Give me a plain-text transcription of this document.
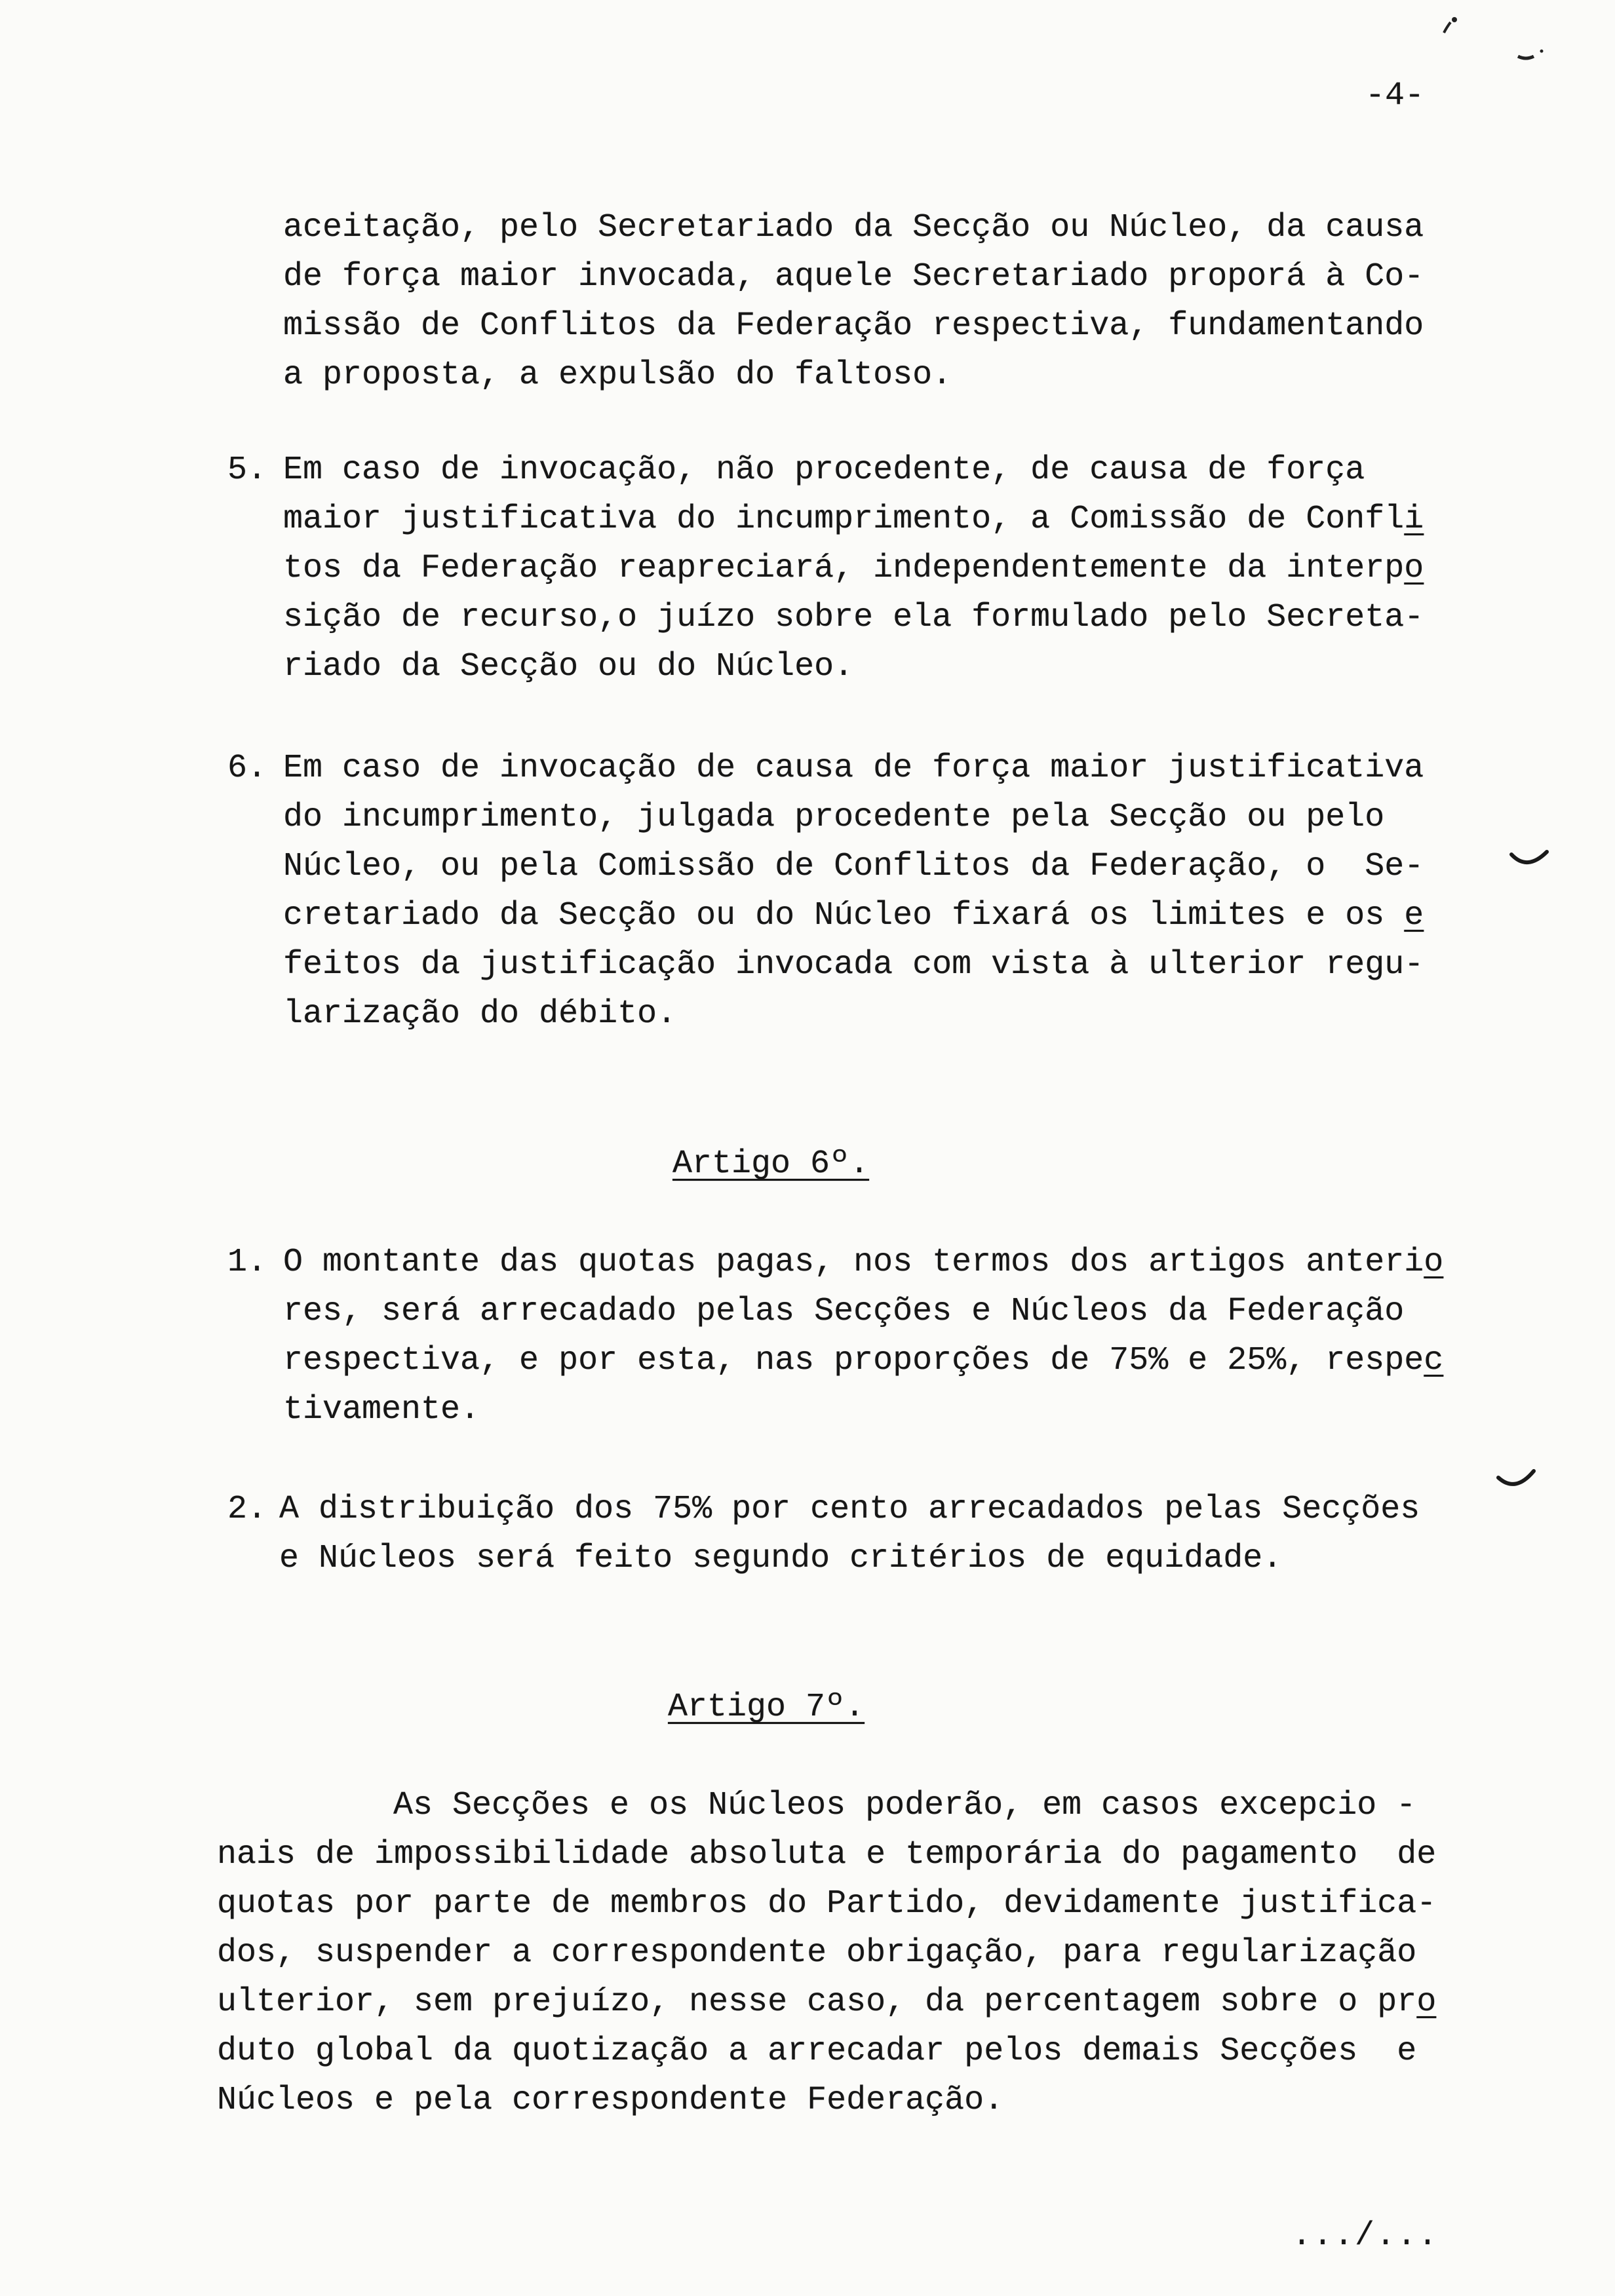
-4-
aceitação, pelo Secretariado da Secção ou Núcleo, da causa
de força maior invocada, aquele Secretariado proporá à Co-
missão de Conflitos da Federação respectiva, fundamentando
a proposta, a expulsão do faltoso.
5. Em caso de invocação, não procedente, de causa de força
maior justificativa do incumprimento, a Comissão de Confli
tos da Federação reapreciará, independentemente da interpo
sição de recurso,o juízo sobre ela formulado pelo Secreta-
riado da Secção ou do Núcleo.
6. Em caso de invocação de causa de força maior justificativa
do incumprimento, julgada procedente pela Secção ou pelo
Núcleo, ou pela Comissão de Conflitos da Federação, o  Se-
cretariado da Secção ou do Núcleo fixará os limites e os e
feitos da justificação invocada com vista à ulterior regu-
larização do débito.
Artigo 6º.
1. O montante das quotas pagas, nos termos dos artigos anterio
res, será arrecadado pelas Secções e Núcleos da Federação
respectiva, e por esta, nas proporções de 75% e 25%, respec
tivamente.
2. A distribuição dos 75% por cento arrecadados pelas Secções
e Núcleos será feito segundo critérios de equidade.
Artigo 7º.
As Secções e os Núcleos poderão, em casos excepcio -
nais de impossibilidade absoluta e temporária do pagamento  de
quotas por parte de membros do Partido, devidamente justifica-
dos, suspender a correspondente obrigação, para regularização
ulterior, sem prejuízo, nesse caso, da percentagem sobre o pro
duto global da quotização a arrecadar pelos demais Secções  e
Núcleos e pela correspondente Federação.
.../...
